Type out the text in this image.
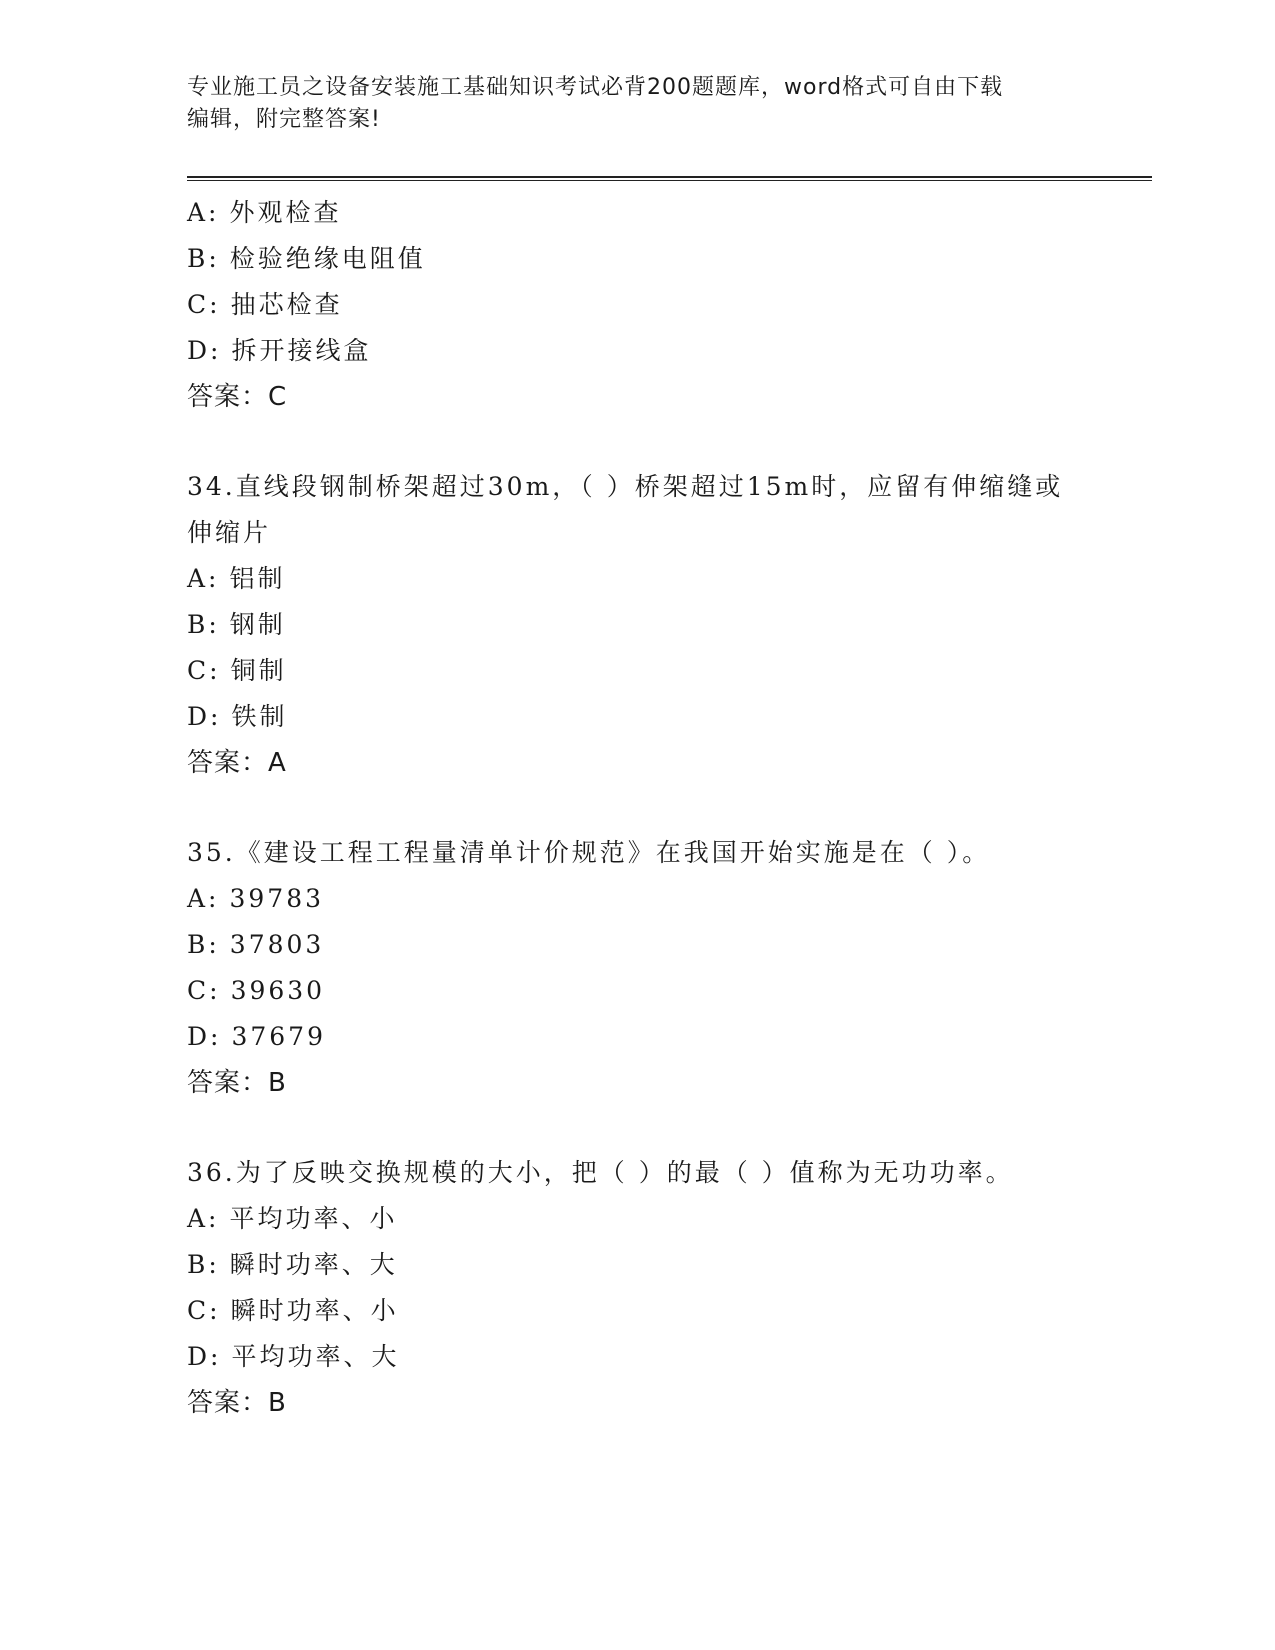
专业施工员之设备安装施工基础知识考试必背200题题库，word格式可自由下载
编辑，附完整答案!
A: 外观检查
B: 检验绝缘电阻值
C: 抽芯检查
D: 拆开接线盒
答案：C
34.直线段钢制桥架超过30m，（ ）桥架超过15m时，应留有伸缩缝或
伸缩片
A: 铝制
B: 钢制
C: 铜制
D: 铁制
答案：A
35.《建设工程工程量清单计价规范》在我国开始实施是在（ ）。
A: 39783
B: 37803
C: 39630
D: 37679
答案：B
36.为了反映交换规模的大小，把（ ）的最（ ）值称为无功功率。
A: 平均功率、小
B: 瞬时功率、大
C: 瞬时功率、小
D: 平均功率、大
答案：B
